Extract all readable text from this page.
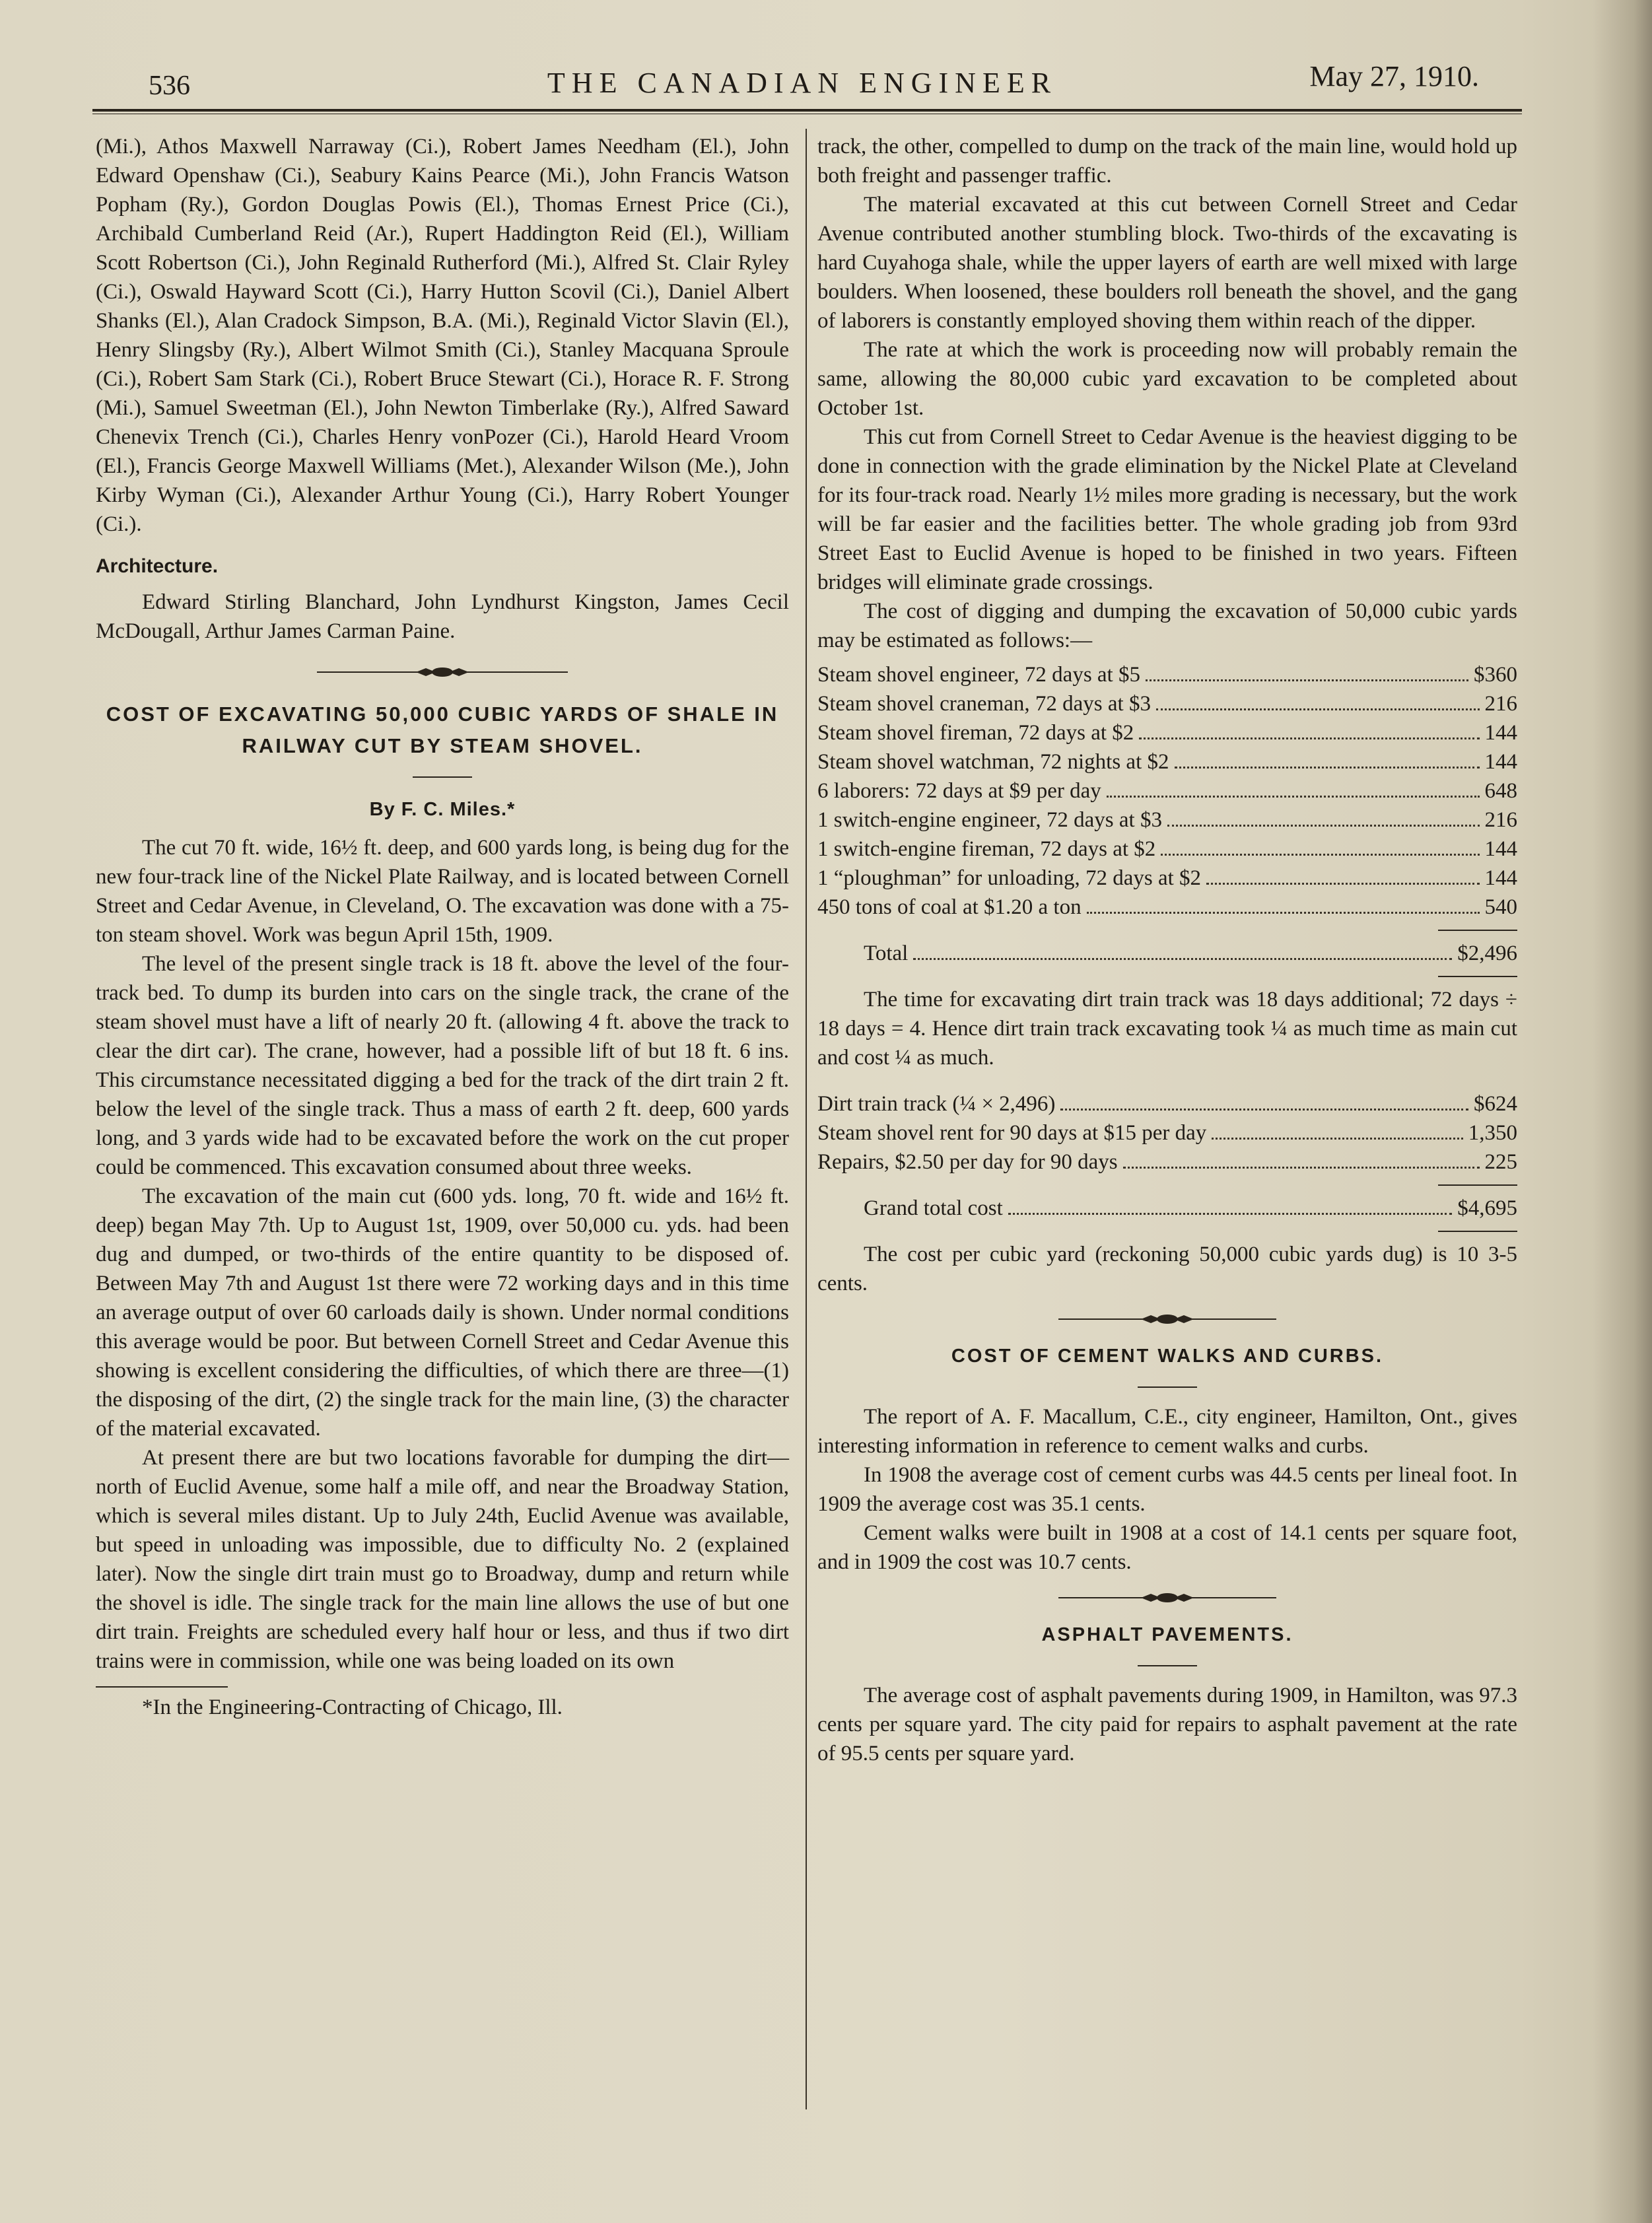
536	THE CANADIAN ENGINEER	May 27, 1910.

(Mi.), Athos Maxwell Narraway (Ci.), Robert James Needham (El.), John Edward Openshaw (Ci.), Seabury Kains Pearce (Mi.), John Francis Watson Popham (Ry.), Gordon Douglas Powis (El.), Thomas Ernest Price (Ci.), Archibald Cumberland Reid (Ar.), Rupert Haddington Reid (El.), William Scott Robertson (Ci.), John Reginald Rutherford (Mi.), Alfred St. Clair Ryley (Ci.), Oswald Hayward Scott (Ci.), Harry Hutton Scovil (Ci.), Daniel Albert Shanks (El.), Alan Cradock Simpson, B.A. (Mi.), Reginald Victor Slavin (El.), Henry Slingsby (Ry.), Albert Wilmot Smith (Ci.), Stanley Macquana Sproule (Ci.), Robert Sam Stark (Ci.), Robert Bruce Stewart (Ci.), Horace R. F. Strong (Mi.), Samuel Sweetman (El.), John Newton Timberlake (Ry.), Alfred Saward Chenevix Trench (Ci.), Charles Henry vonPozer (Ci.), Harold Heard Vroom (El.), Francis George Maxwell Williams (Met.), Alexander Wilson (Me.), John Kirby Wyman (Ci.), Alexander Arthur Young (Ci.), Harry Robert Younger (Ci.).

Architecture.

Edward Stirling Blanchard, John Lyndhurst Kingston, James Cecil McDougall, Arthur James Carman Paine.

COST OF EXCAVATING 50,000 CUBIC YARDS OF SHALE IN RAILWAY CUT BY STEAM SHOVEL.
By F. C. Miles.*

The cut 70 ft. wide, 16½ ft. deep, and 600 yards long, is being dug for the new four-track line of the Nickel Plate Railway, and is located between Cornell Street and Cedar Avenue, in Cleveland, O. The excavation was done with a 75-ton steam shovel. Work was begun April 15th, 1909.

The level of the present single track is 18 ft. above the level of the four-track bed. To dump its burden into cars on the single track, the crane of the steam shovel must have a lift of nearly 20 ft. (allowing 4 ft. above the track to clear the dirt car). The crane, however, had a possible lift of but 18 ft. 6 ins. This circumstance necessitated digging a bed for the track of the dirt train 2 ft. below the level of the single track. Thus a mass of earth 2 ft. deep, 600 yards long, and 3 yards wide had to be excavated before the work on the cut proper could be commenced. This excavation consumed about three weeks.

The excavation of the main cut (600 yds. long, 70 ft. wide and 16½ ft. deep) began May 7th. Up to August 1st, 1909, over 50,000 cu. yds. had been dug and dumped, or two-thirds of the entire quantity to be disposed of. Between May 7th and August 1st there were 72 working days and in this time an average output of over 60 carloads daily is shown. Under normal conditions this average would be poor. But between Cornell Street and Cedar Avenue this showing is excellent considering the difficulties, of which there are three—(1) the disposing of the dirt, (2) the single track for the main line, (3) the character of the material excavated.

At present there are but two locations favorable for dumping the dirt—north of Euclid Avenue, some half a mile off, and near the Broadway Station, which is several miles distant. Up to July 24th, Euclid Avenue was available, but speed in unloading was impossible, due to difficulty No. 2 (explained later). Now the single dirt train must go to Broadway, dump and return while the shovel is idle. The single track for the main line allows the use of but one dirt train. Freights are scheduled every half hour or less, and thus if two dirt trains were in commission, while one was being loaded on its own

*In the Engineering-Contracting of Chicago, Ill.

track, the other, compelled to dump on the track of the main line, would hold up both freight and passenger traffic.

The material excavated at this cut between Cornell Street and Cedar Avenue contributed another stumbling block. Two-thirds of the excavating is hard Cuyahoga shale, while the upper layers of earth are well mixed with large boulders. When loosened, these boulders roll beneath the shovel, and the gang of laborers is constantly employed shoving them within reach of the dipper.

The rate at which the work is proceeding now will probably remain the same, allowing the 80,000 cubic yard excavation to be completed about October 1st.

This cut from Cornell Street to Cedar Avenue is the heaviest digging to be done in connection with the grade elimination by the Nickel Plate at Cleveland for its four-track road. Nearly 1½ miles more grading is necessary, but the work will be far easier and the facilities better. The whole grading job from 93rd Street East to Euclid Avenue is hoped to be finished in two years. Fifteen bridges will eliminate grade crossings.

The cost of digging and dumping the excavation of 50,000 cubic yards may be estimated as follows:—

Steam shovel engineer, 72 days at $5	$360
Steam shovel craneman, 72 days at $3	216
Steam shovel fireman, 72 days at $2	144
Steam shovel watchman, 72 nights at $2	144
6 laborers: 72 days at $9 per day	648
1 switch-engine engineer, 72 days at $3	216
1 switch-engine fireman, 72 days at $2	144
1 “ploughman” for unloading, 72 days at $2	144
450 tons of coal at $1.20 a ton	540
Total	$2,496

The time for excavating dirt train track was 18 days additional; 72 days ÷ 18 days = 4. Hence dirt train track excavating took ¼ as much time as main cut and cost ¼ as much.

Dirt train track (¼ × 2,496)	$624
Steam shovel rent for 90 days at $15 per day	1,350
Repairs, $2.50 per day for 90 days	225
Grand total cost	$4,695

The cost per cubic yard (reckoning 50,000 cubic yards dug) is 10 3-5 cents.

COST OF CEMENT WALKS AND CURBS.

The report of A. F. Macallum, C.E., city engineer, Hamilton, Ont., gives interesting information in reference to cement walks and curbs.

In 1908 the average cost of cement curbs was 44.5 cents per lineal foot. In 1909 the average cost was 35.1 cents.

Cement walks were built in 1908 at a cost of 14.1 cents per square foot, and in 1909 the cost was 10.7 cents.

ASPHALT PAVEMENTS.

The average cost of asphalt pavements during 1909, in Hamilton, was 97.3 cents per square yard. The city paid for repairs to asphalt pavement at the rate of 95.5 cents per square yard.
